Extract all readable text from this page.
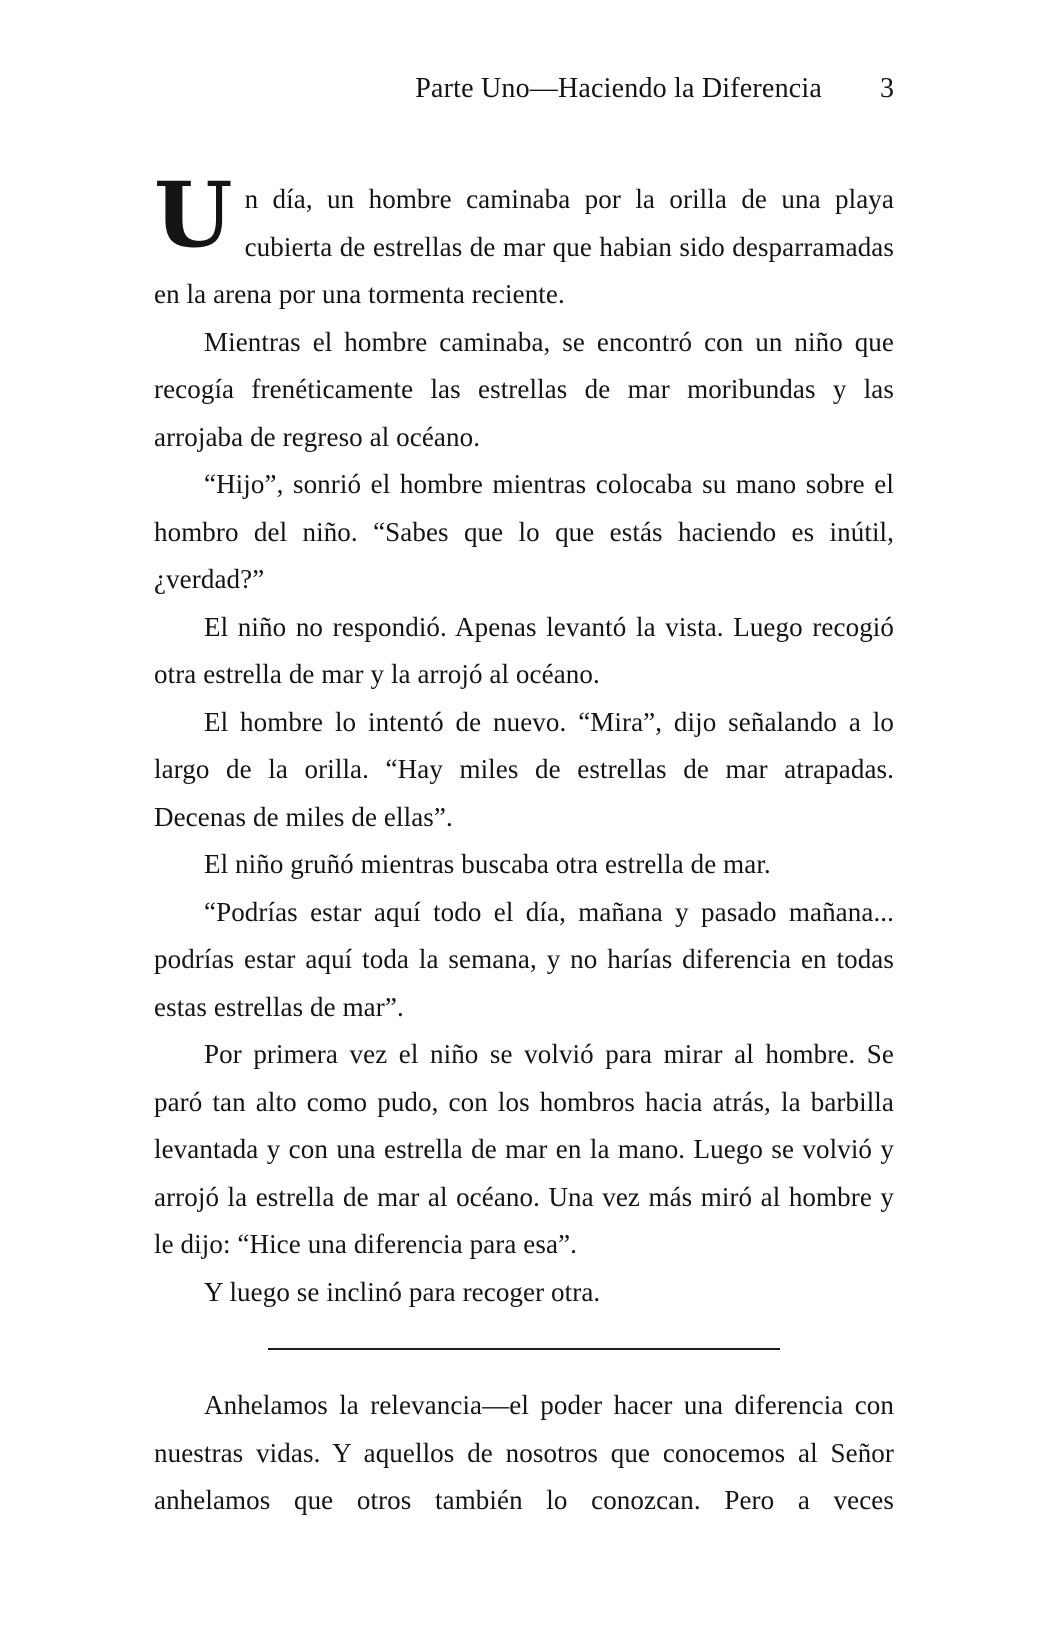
Parte Uno—Haciendo la Diferencia 3

Un día, un hombre caminaba por la orilla de una playa cubierta de estrellas de mar que habian sido desparramadas en la arena por una tormenta reciente.

Mientras el hombre caminaba, se encontró con un niño que recogía frenéticamente las estrellas de mar moribundas y las arrojaba de regreso al océano.

“Hijo”, sonrió el hombre mientras colocaba su mano sobre el hombro del niño. “Sabes que lo que estás haciendo es inútil, ¿verdad?”

El niño no respondió. Apenas levantó la vista. Luego recogió otra estrella de mar y la arrojó al océano.

El hombre lo intentó de nuevo. “Mira”, dijo señalando a lo largo de la orilla. “Hay miles de estrellas de mar atrapadas. Decenas de miles de ellas”.

El niño gruñó mientras buscaba otra estrella de mar.

“Podrías estar aquí todo el día, mañana y pasado mañana... podrías estar aquí toda la semana, y no harías diferencia en todas estas estrellas de mar”.

Por primera vez el niño se volvió para mirar al hombre. Se paró tan alto como pudo, con los hombros hacia atrás, la barbilla levantada y con una estrella de mar en la mano. Luego se volvió y arrojó la estrella de mar al océano. Una vez más miró al hombre y le dijo: “Hice una diferencia para esa”.

Y luego se inclinó para recoger otra.

Anhelamos la relevancia—el poder hacer una diferencia con nuestras vidas. Y aquellos de nosotros que conocemos al Señor anhelamos que otros también lo conozcan. Pero a veces
